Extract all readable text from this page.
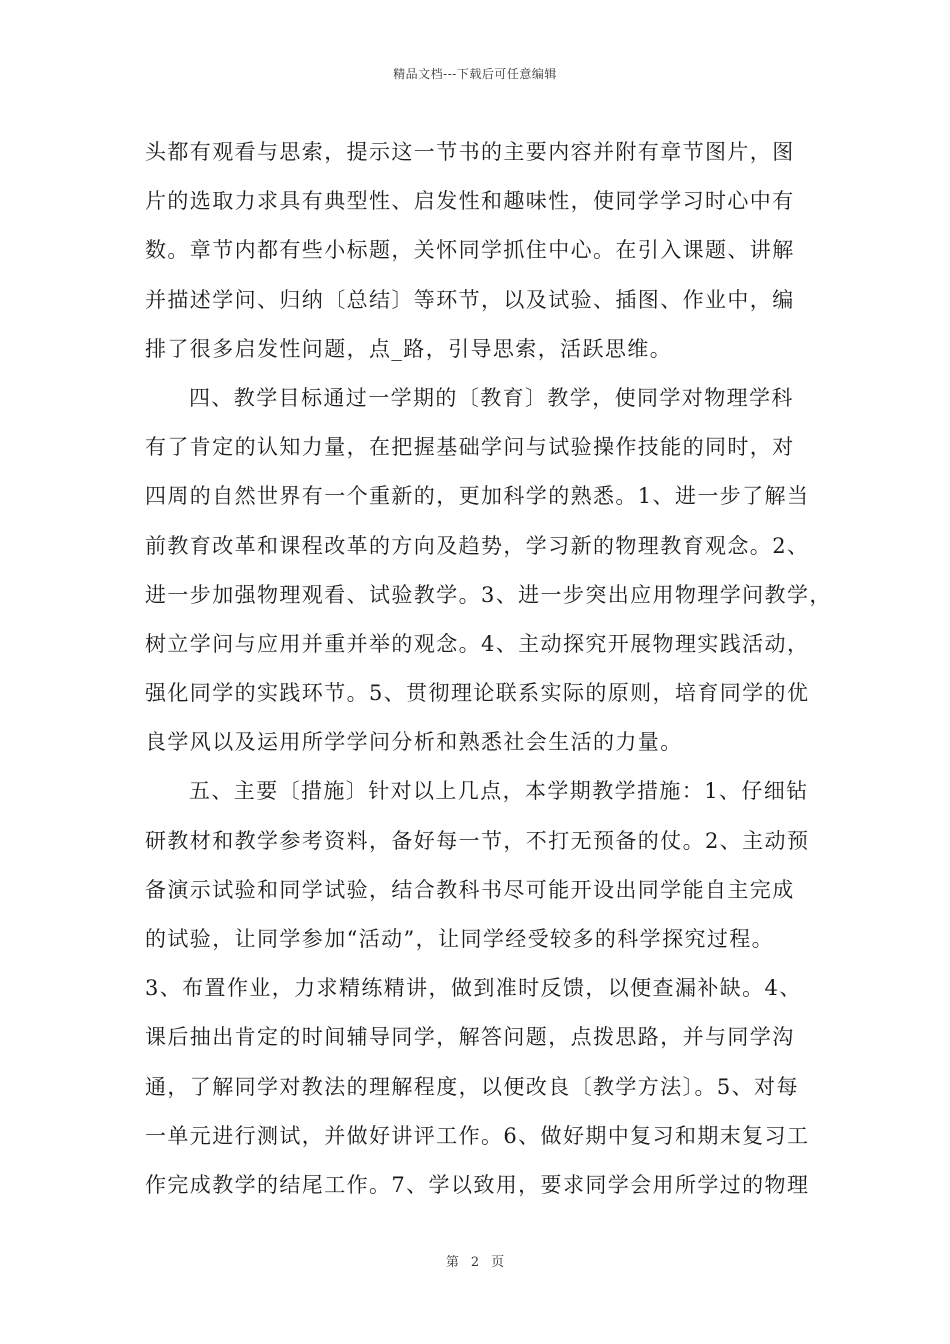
精品文档---下载后可任意编辑
头都有观看与思索，提示这一节书的主要内容并附有章节图片，图
片的选取力求具有典型性、启发性和趣味性，使同学学习时心中有
数。章节内都有些小标题，关怀同学抓住中心。在引入课题、讲解
并描述学问、归纳〔总结〕等环节，以及试验、插图、作业中，编
排了很多启发性问题，点_路，引导思索，活跃思维。
四、教学目标通过一学期的〔教育〕教学，使同学对物理学科
有了肯定的认知力量，在把握基础学问与试验操作技能的同时，对
四周的自然世界有一个重新的，更加科学的熟悉。1、进一步了解当
前教育改革和课程改革的方向及趋势，学习新的物理教育观念。2、
进一步加强物理观看、试验教学。3、进一步突出应用物理学问教学，
树立学问与应用并重并举的观念。4、主动探究开展物理实践活动，
强化同学的实践环节。5、贯彻理论联系实际的原则，培育同学的优
良学风以及运用所学学问分析和熟悉社会生活的力量。
五、主要〔措施〕针对以上几点，本学期教学措施：1、仔细钻
研教材和教学参考资料，备好每一节，不打无预备的仗。2、主动预
备演示试验和同学试验，结合教科书尽可能开设出同学能自主完成
的试验，让同学参加“活动”，让同学经受较多的科学探究过程。
3、布置作业，力求精练精讲，做到准时反馈，以便查漏补缺。4、
课后抽出肯定的时间辅导同学，解答问题，点拨思路，并与同学沟
通，了解同学对教法的理解程度，以便改良〔教学方法〕。5、对每
一单元进行测试，并做好讲评工作。6、做好期中复习和期末复习工
作完成教学的结尾工作。7、学以致用，要求同学会用所学过的物理
第 2 页
